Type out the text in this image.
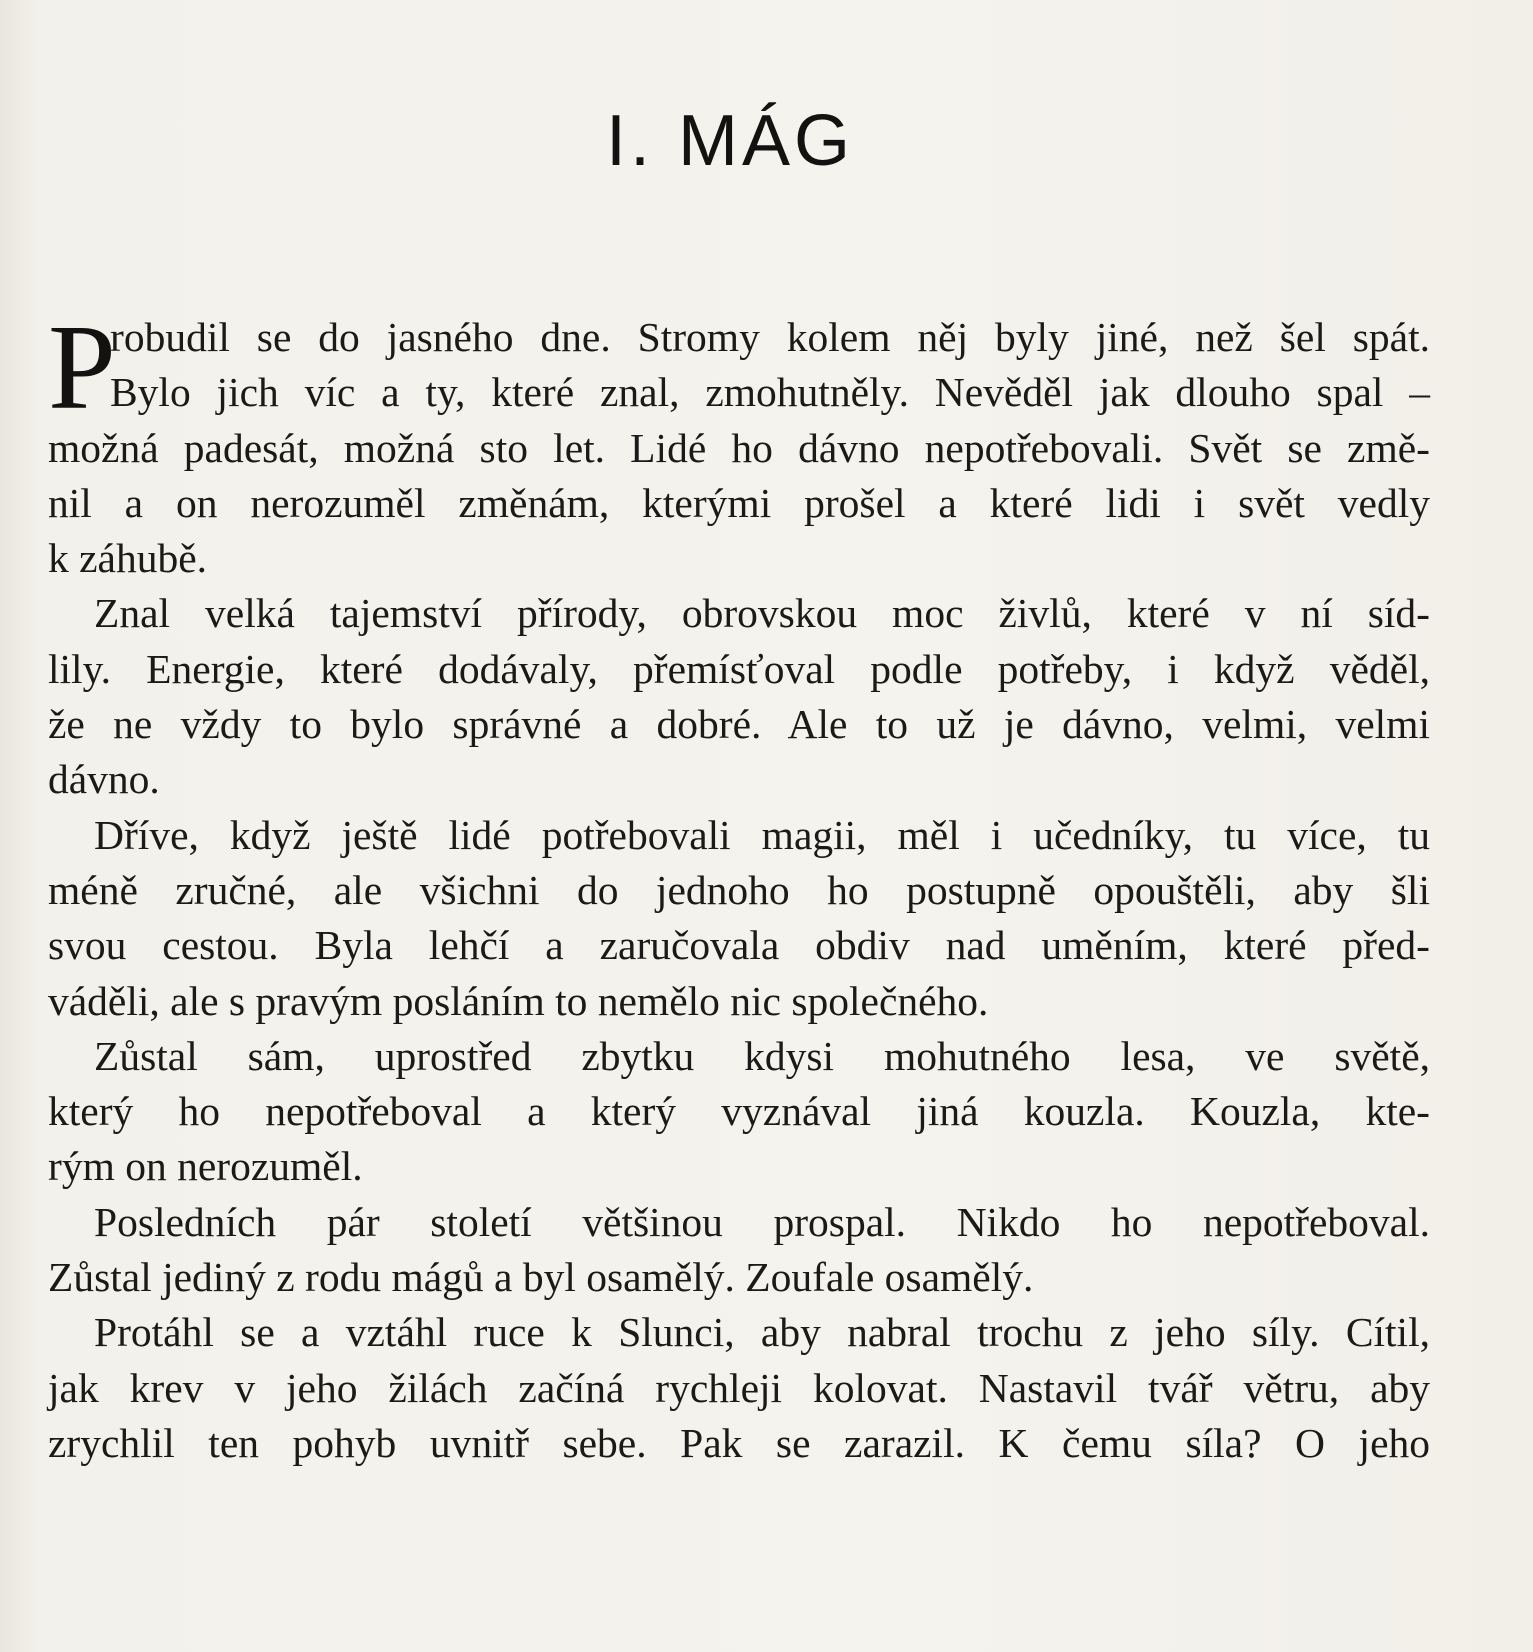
I. MÁG
P
robudil se do jasného dne. Stromy kolem něj byly jiné, než šel spát.
Bylo jich víc a ty, které znal, zmohutněly. Nevěděl jak dlouho spal –
možná padesát, možná sto let. Lidé ho dávno nepotřebovali. Svět se změ-
nil a on nerozuměl změnám, kterými prošel a které lidi i svět vedly
k záhubě.
Znal velká tajemství přírody, obrovskou moc živlů, které v ní síd-
lily. Energie, které dodávaly, přemísťoval podle potřeby, i když věděl,
že ne vždy to bylo správné a dobré. Ale to už je dávno, velmi, velmi
dávno.
Dříve, když ještě lidé potřebovali magii, měl i učedníky, tu více, tu
méně zručné, ale všichni do jednoho ho postupně opouštěli, aby šli
svou cestou. Byla lehčí a zaručovala obdiv nad uměním, které před-
váděli, ale s pravým posláním to nemělo nic společného.
Zůstal sám, uprostřed zbytku kdysi mohutného lesa, ve světě,
který ho nepotřeboval a který vyznával jiná kouzla. Kouzla, kte-
rým on nerozuměl.
Posledních pár století většinou prospal. Nikdo ho nepotřeboval.
Zůstal jediný z rodu mágů a byl osamělý. Zoufale osamělý.
Protáhl se a vztáhl ruce k Slunci, aby nabral trochu z jeho síly. Cítil,
jak krev v jeho žilách začíná rychleji kolovat. Nastavil tvář větru, aby
zrychlil ten pohyb uvnitř sebe. Pak se zarazil. K čemu síla? O jeho
